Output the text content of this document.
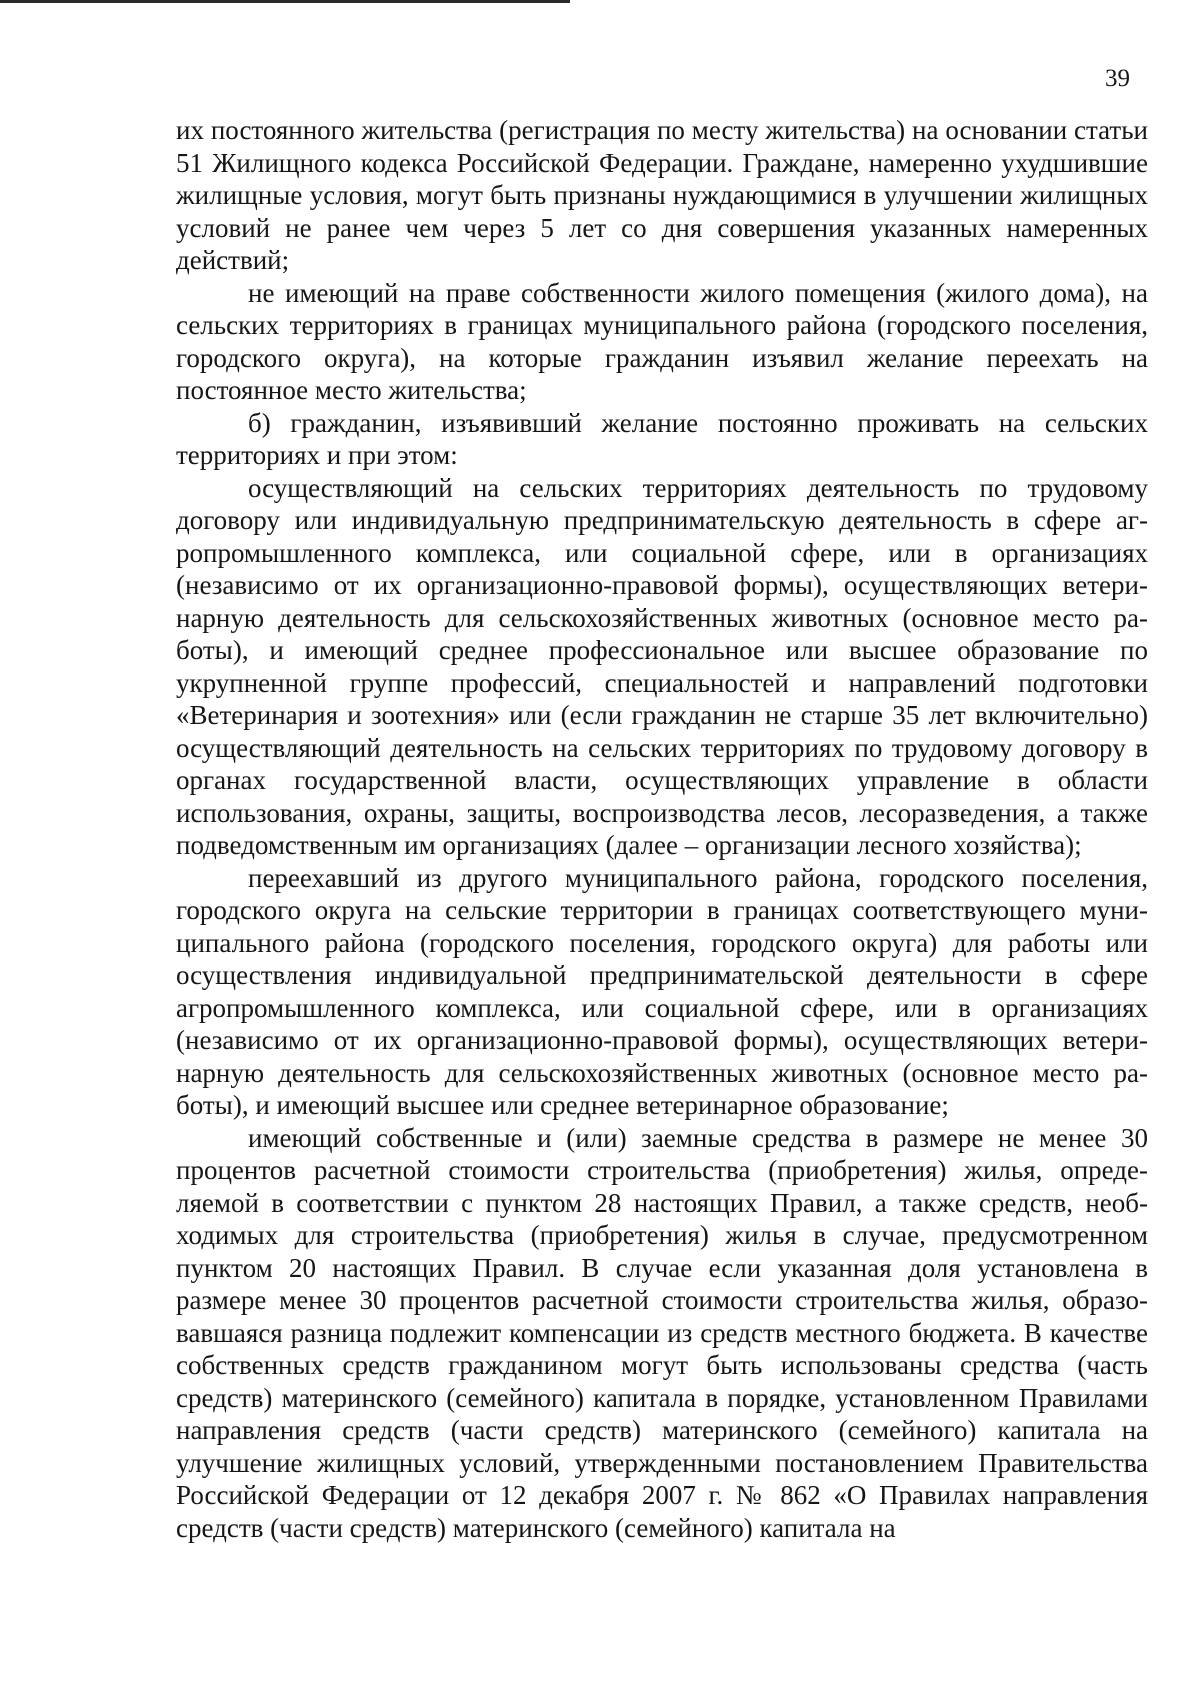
39

их постоянного жительства (регистрация по месту жительства) на основании статьи 51 Жилищного кодекса Российской Федерации. Граждане, намеренно ухудшившие жилищные условия, могут быть признаны нуждающимися в улучшении жилищных условий не ранее чем через 5 лет со дня совершения указанных намеренных действий;

не имеющий на праве собственности жилого помещения (жилого дома), на сельских территориях в границах муниципального района (городского поселения, городского округа), на которые гражданин изъявил желание переехать на постоянное место жительства;

б) гражданин, изъявивший желание постоянно проживать на сельских территориях и при этом:

осуществляющий на сельских территориях деятельность по трудовому договору или индивидуальную предпринимательскую деятельность в сфере агропромышленного комплекса, или социальной сфере, или в организациях (независимо от их организационно-правовой формы), осуществляющих ветеринарную деятельность для сельскохозяйственных животных (основное место работы), и имеющий среднее профессиональное или высшее образование по укрупненной группе профессий, специальностей и направлений подготовки «Ветеринария и зоотехния» или (если гражданин не старше 35 лет включительно) осуществляющий деятельность на сельских территориях по трудовому договору в органах государственной власти, осуществляющих управление в области использования, охраны, защиты, воспроизводства лесов, лесоразведения, а также подведомственным им организациях (далее – организации лесного хозяйства);

переехавший из другого муниципального района, городского поселения, городского округа на сельские территории в границах соответствующего муниципального района (городского поселения, городского округа) для работы или осуществления индивидуальной предпринимательской деятельности в сфере агропромышленного комплекса, или социальной сфере, или в организациях (независимо от их организационно-правовой формы), осуществляющих ветеринарную деятельность для сельскохозяйственных животных (основное место работы), и имеющий высшее или среднее ветеринарное образование;

имеющий собственные и (или) заемные средства в размере не менее 30 процентов расчетной стоимости строительства (приобретения) жилья, определяемой в соответствии с пунктом 28 настоящих Правил, а также средств, необходимых для строительства (приобретения) жилья в случае, предусмотренном пунктом 20 настоящих Правил. В случае если указанная доля установлена в размере менее 30 процентов расчетной стоимости строительства жилья, образовавшаяся разница подлежит компенсации из средств местного бюджета. В качестве собственных средств гражданином могут быть использованы средства (часть средств) материнского (семейного) капитала в порядке, установленном Правилами направления средств (части средств) материнского (семейного) капитала на улучшение жилищных условий, утвержденными постановлением Правительства Российской Федерации от 12 декабря 2007 г. № 862 «О Правилах направления средств (части средств) материнского (семейного) капитала на
